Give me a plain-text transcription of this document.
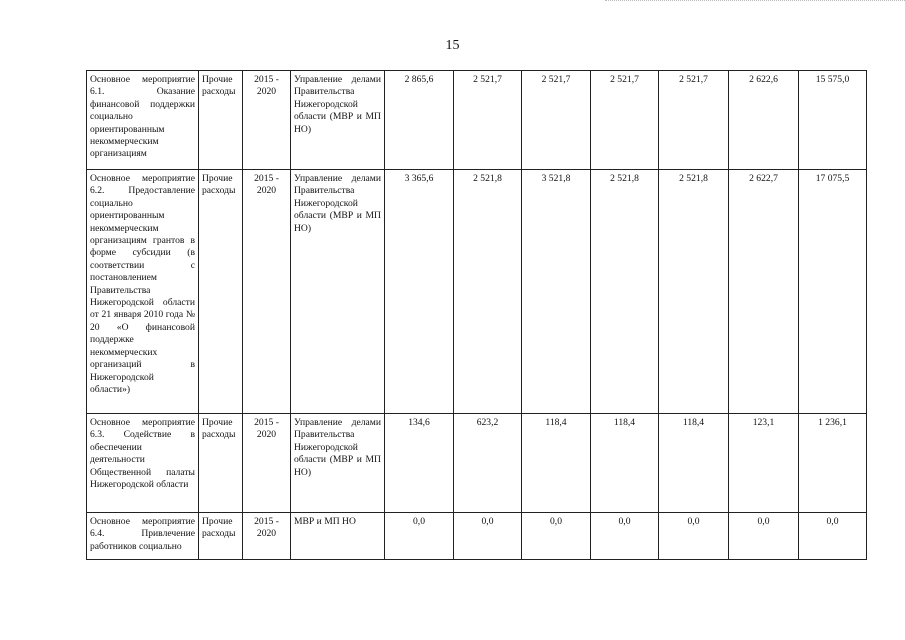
15
Основное мероприятие 6.1. Оказание финансовой поддержки социально ориентированным некоммерческим организациям	Прочие расходы	2015 - 2020	Управление делами Правительства Нижегородской области (МВР и МП НО)	2 865,6	2 521,7	2 521,7	2 521,7	2 521,7	2 622,6	15 575,0
Основное мероприятие 6.2. Предоставление социально ориентированным некоммерческим организациям грантов в форме субсидии (в соответствии с постановлением Правительства Нижегородской области от 21 января 2010 года № 20 «О финансовой поддержке некоммерческих организаций в Нижегородской области»)	Прочие расходы	2015 - 2020	Управление делами Правительства Нижегородской области (МВР и МП НО)	3 365,6	2 521,8	3 521,8	2 521,8	2 521,8	2 622,7	17 075,5
Основное мероприятие 6.3. Содействие в обеспечении деятельности Общественной палаты Нижегородской области	Прочие расходы	2015 - 2020	Управление делами Правительства Нижегородской области (МВР и МП НО)	134,6	623,2	118,4	118,4	118,4	123,1	1 236,1
Основное мероприятие 6.4. Привлечение работников социально	Прочие расходы	2015 - 2020	МВР и МП НО	0,0	0,0	0,0	0,0	0,0	0,0	0,0
